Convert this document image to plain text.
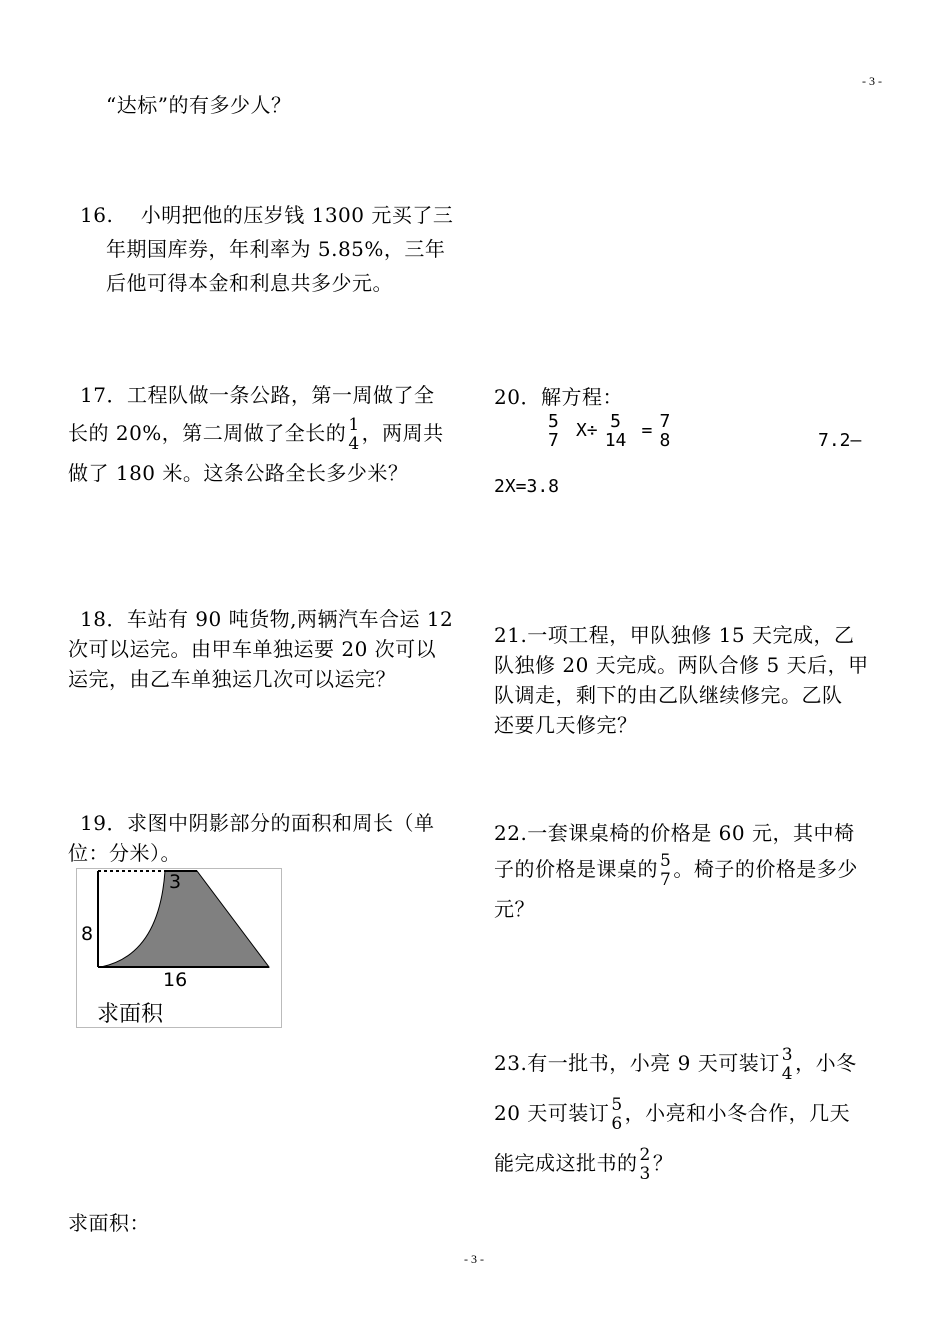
- 3 -
- 3 -
“达标”的有多少人？
16. 小明把他的压岁钱 1300 元买了三
年期国库券，年利率为 5.85%，三年
后他可得本金和利息共多少元。
17．工程队做一条公路，第一周做了全
长的 20%，第二周做了全长的 1
4 ，两周共
做了 180 米。这条公路全长多少米？
18．车站有 90 吨货物,两辆汽车合运 12
次可以运完。由甲车单独运要 20 次可以
运完，由乙车单独运几次可以运完？
19．求图中阴影部分的面积和周长（单
位：分米）。
3
8
16
求面积
20．解方程：
5
7 X÷ 5
14 = 7
8	7.2—
2X=3.8
21.一项工程，甲队独修 15 天完成，乙
队独修 20 天完成。两队合修 5 天后，甲
队调走，剩下的由乙队继续修完。乙队
还要几天修完？
22.一套课桌椅的价格是 60 元，其中椅
子的价格是课桌的 5
7 。椅子的价格是多少
元？
23.有一批书，小亮 9 天可装订 3
4 ，小冬
20 天可装订 5
6 ，小亮和小冬合作，几天
能完成这批书的 2
3 ？
求面积：
